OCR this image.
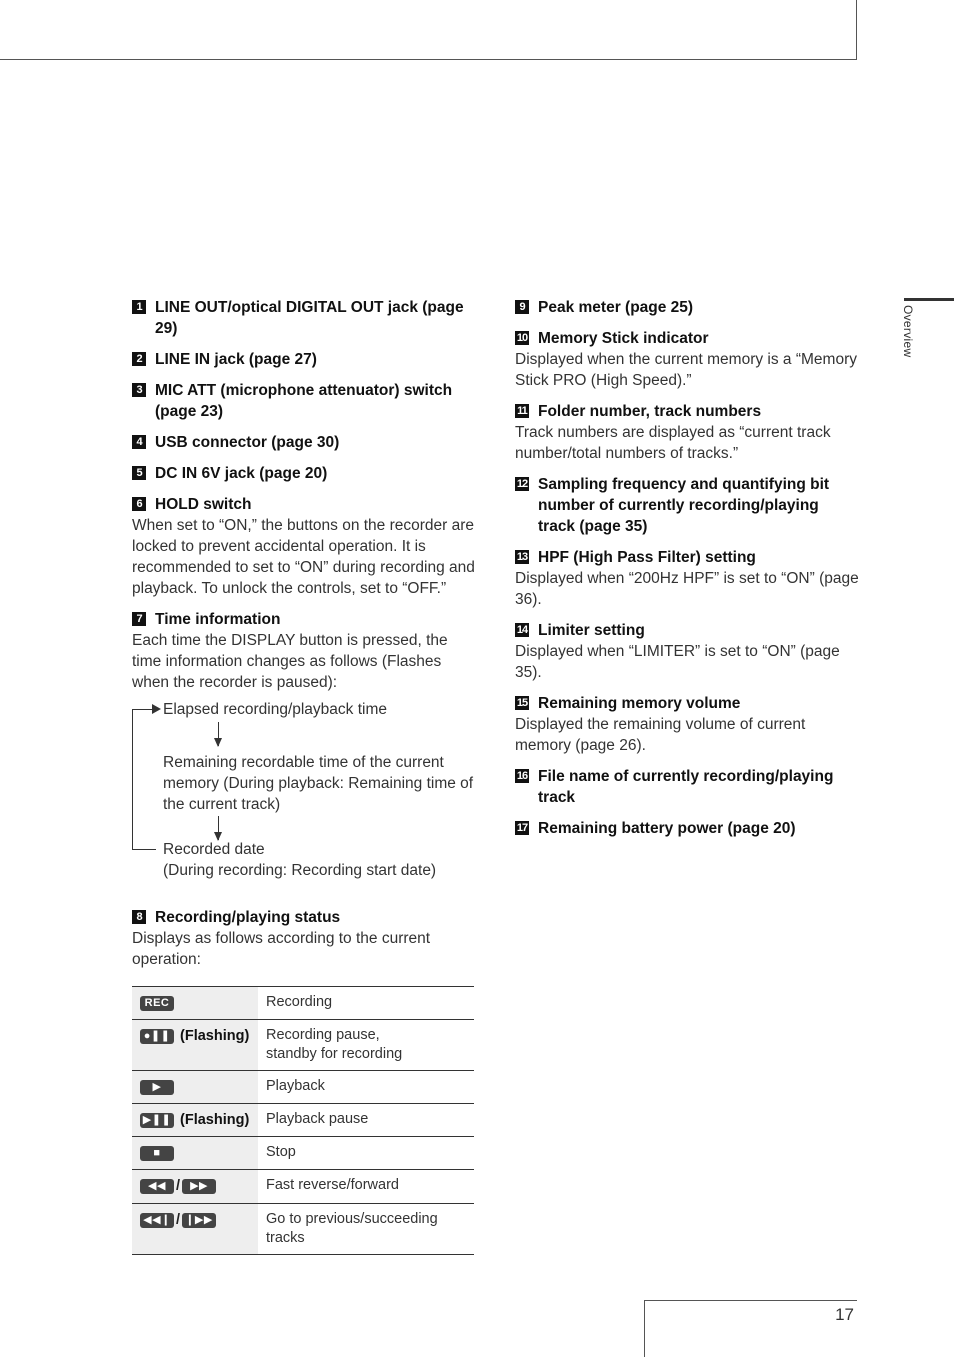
17
Overview
1 LINE OUT/optical DIGITAL OUT jack (page 29)
2 LINE IN jack (page 27)
3 MIC ATT (microphone attenuator) switch (page 23)
4 USB connector (page 30)
5 DC IN 6V jack (page 20)
6 HOLD switch
When set to “ON,” the buttons on the recorder are locked to prevent accidental operation. It is recommended to set to “ON” during recording and playback. To unlock the controls, set to “OFF.”
7 Time information
Each time the DISPLAY button is pressed, the time information changes as follows (Flashes when the recorder is paused):
Elapsed recording/playback time
Remaining recordable time of the current memory (During playback: Remaining time of the current track)
Recorded date
(During recording: Recording start date)
8 Recording/playing status
Displays as follows according to the current operation:
REC	Recording
●❚❚ (Flashing)	Recording pause,
standby for recording

▶	Playback
▶❚❚ (Flashing)	Playback pause
■	Stop
◀◀ / ▶▶	Fast reverse/forward
◀◀❙ / ❙▶▶	Go to previous/succeeding tracks
9 Peak meter (page 25)
10 Memory Stick indicator
Displayed when the current memory is a “Memory Stick PRO (High Speed).”
11 Folder number, track numbers
Track numbers are displayed as “current track number/total numbers of tracks.”
12 Sampling frequency and quantifying bit number of currently recording/playing track (page 35)
13 HPF (High Pass Filter) setting
Displayed when “200Hz HPF” is set to “ON” (page 36).
14 Limiter setting
Displayed when “LIMITER” is set to “ON” (page 35).
15 Remaining memory volume
Displayed the remaining volume of current memory (page 26).
16 File name of currently recording/playing track
17 Remaining battery power (page 20)
